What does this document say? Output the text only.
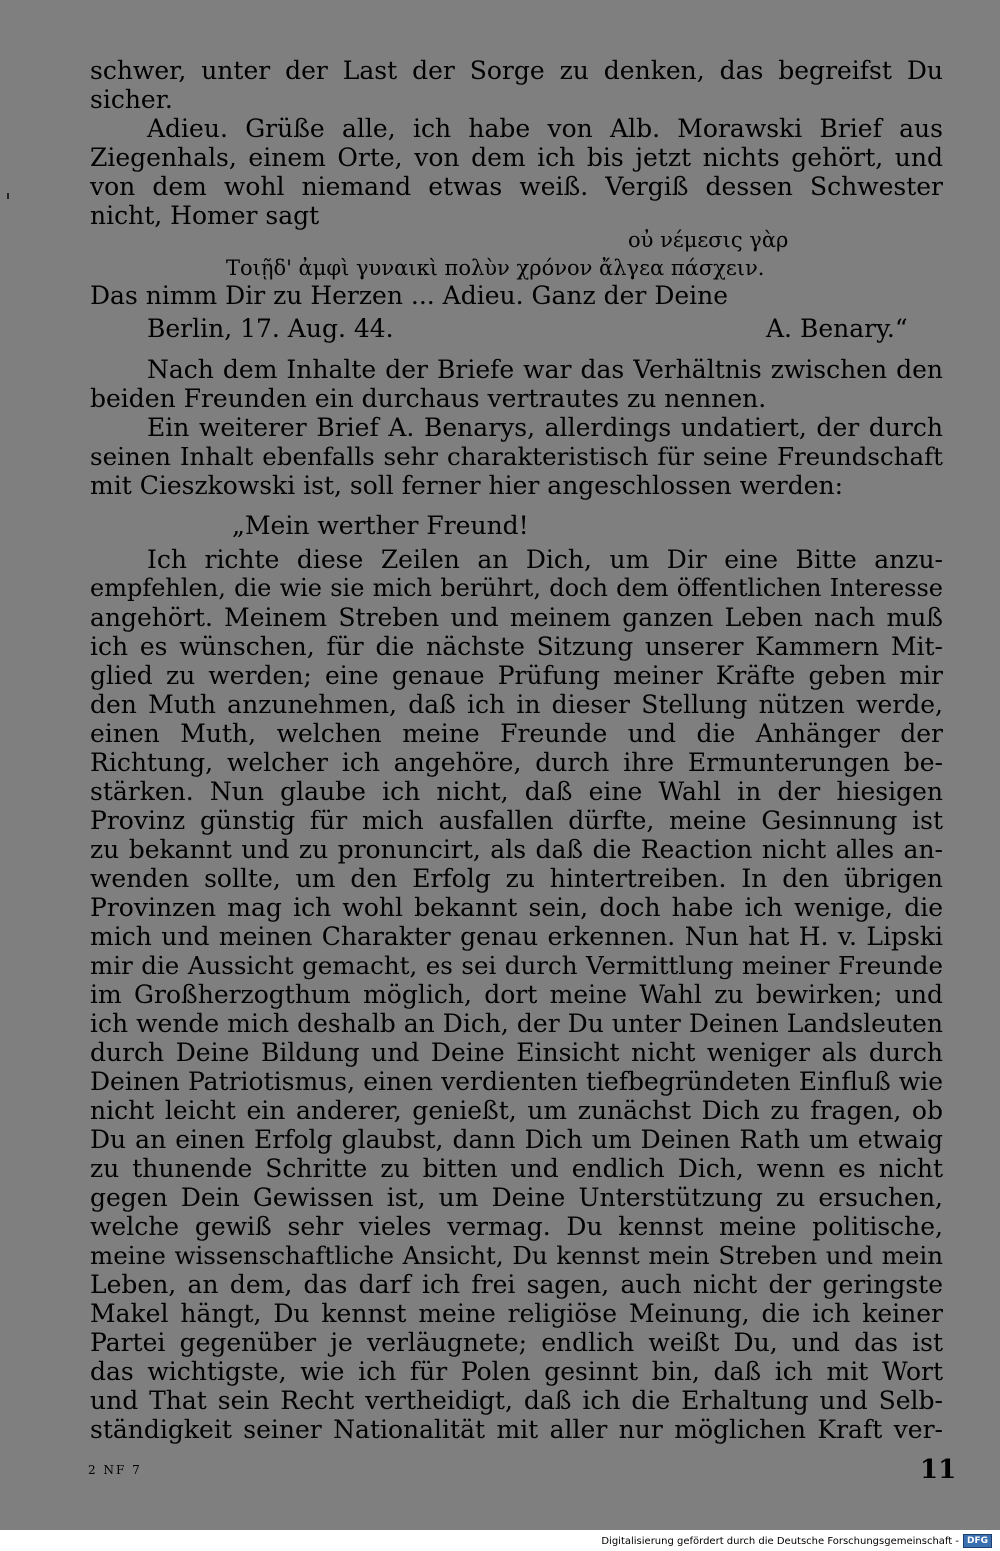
schwer, unter der Last der Sorge zu denken, das begreifst Du
sicher.
Adieu. Grüße alle, ich habe von Alb. Morawski Brief aus
Ziegenhals, einem Orte, von dem ich bis jetzt nichts gehört, und
von dem wohl niemand etwas weiß. Vergiß dessen Schwester
nicht, Homer sagt
οὐ νέμεσις γὰρ
Τοιῇδ' ἀμφὶ γυναικὶ πολὺν χρόνον ἄλγεα πάσχειν.
Das nimm Dir zu Herzen ... Adieu. Ganz der Deine
Berlin, 17. Aug. 44.	A. Benary.“
Nach dem Inhalte der Briefe war das Verhältnis zwischen den
beiden Freunden ein durchaus vertrautes zu nennen.
Ein weiterer Brief A. Benarys, allerdings undatiert, der durch
seinen Inhalt ebenfalls sehr charakteristisch für seine Freundschaft
mit Cieszkowski ist, soll ferner hier angeschlossen werden:
„Mein werther Freund!
Ich richte diese Zeilen an Dich, um Dir eine Bitte anzu-
empfehlen, die wie sie mich berührt, doch dem öffentlichen Interesse
angehört. Meinem Streben und meinem ganzen Leben nach muß
ich es wünschen, für die nächste Sitzung unserer Kammern Mit-
glied zu werden; eine genaue Prüfung meiner Kräfte geben mir
den Muth anzunehmen, daß ich in dieser Stellung nützen werde,
einen Muth, welchen meine Freunde und die Anhänger der
Richtung, welcher ich angehöre, durch ihre Ermunterungen be-
stärken. Nun glaube ich nicht, daß eine Wahl in der hiesigen
Provinz günstig für mich ausfallen dürfte, meine Gesinnung ist
zu bekannt und zu pronuncirt, als daß die Reaction nicht alles an-
wenden sollte, um den Erfolg zu hintertreiben. In den übrigen
Provinzen mag ich wohl bekannt sein, doch habe ich wenige, die
mich und meinen Charakter genau erkennen. Nun hat H. v. Lipski
mir die Aussicht gemacht, es sei durch Vermittlung meiner Freunde
im Großherzogthum möglich, dort meine Wahl zu bewirken; und
ich wende mich deshalb an Dich, der Du unter Deinen Landsleuten
durch Deine Bildung und Deine Einsicht nicht weniger als durch
Deinen Patriotismus, einen verdienten tiefbegründeten Einfluß wie
nicht leicht ein anderer, genießt, um zunächst Dich zu fragen, ob
Du an einen Erfolg glaubst, dann Dich um Deinen Rath um etwaig
zu thunende Schritte zu bitten und endlich Dich, wenn es nicht
gegen Dein Gewissen ist, um Deine Unterstützung zu ersuchen,
welche gewiß sehr vieles vermag. Du kennst meine politische,
meine wissenschaftliche Ansicht, Du kennst mein Streben und mein
Leben, an dem, das darf ich frei sagen, auch nicht der geringste
Makel hängt, Du kennst meine religiöse Meinung, die ich keiner
Partei gegenüber je verläugnete; endlich weißt Du, und das ist
das wichtigste, wie ich für Polen gesinnt bin, daß ich mit Wort
und That sein Recht vertheidigt, daß ich die Erhaltung und Selb-
ständigkeit seiner Nationalität mit aller nur möglichen Kraft ver-
2 NF 7	11
Digitalisierung gefördert durch die Deutsche Forschungsgemeinschaft - DFG
